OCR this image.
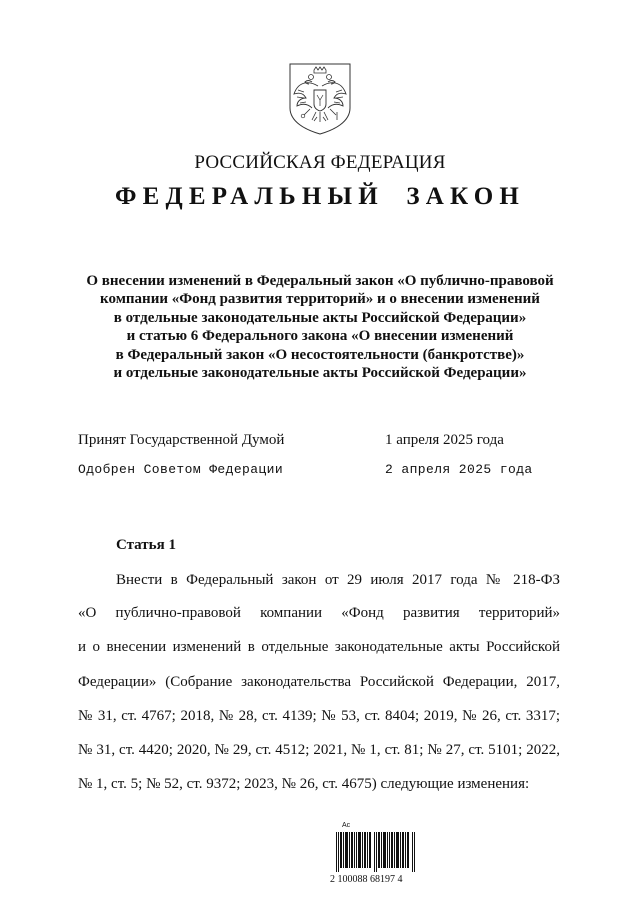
РОССИЙСКАЯ ФЕДЕРАЦИЯ
ФЕДЕРАЛЬНЫЙ ЗАКОН
О внесении изменений в Федеральный закон «О публично-правовой
компании «Фонд развития территорий» и о внесении изменений
в отдельные законодательные акты Российской Федерации»
и статью 6 Федерального закона «О внесении изменений
в Федеральный закон «О несостоятельности (банкротстве)»
и отдельные законодательные акты Российской Федерации»
Принят Государственной Думой	1 апреля 2025 года
Одобрен Советом Федерации	2 апреля 2025 года
Статья 1
Внести в Федеральный закон от 29 июля 2017 года № 218-ФЗ
«О публично-правовой компании «Фонд развития территорий»
и о внесении изменений в отдельные законодательные акты Российской
Федерации» (Собрание законодательства Российской Федерации, 2017,
№ 31, ст. 4767; 2018, № 28, ст. 4139; № 53, ст. 8404; 2019, № 26, ст. 3317;
№ 31, ст. 4420; 2020, № 29, ст. 4512; 2021, № 1, ст. 81; № 27, ст. 5101; 2022,
№ 1, ст. 5; № 52, ст. 9372; 2023, № 26, ст. 4675) следующие изменения:
Ас
2 100088 68197 4
